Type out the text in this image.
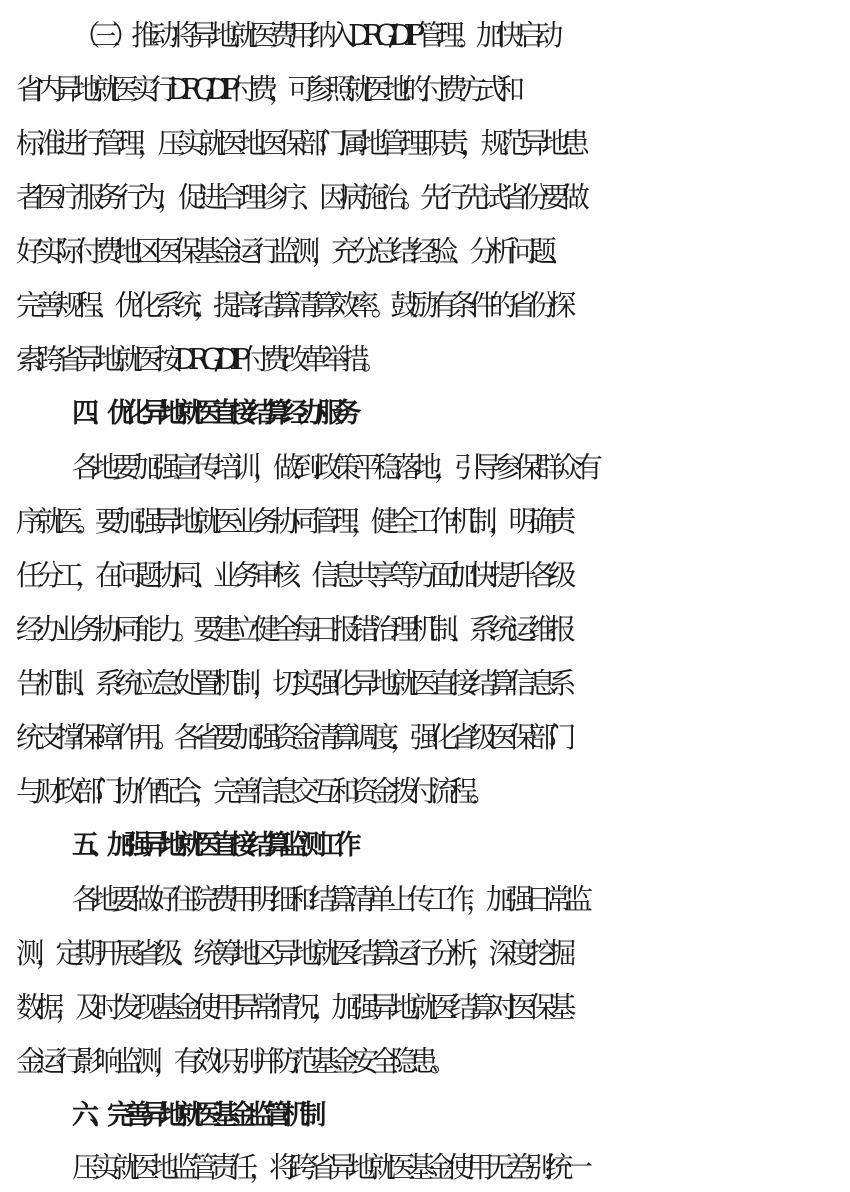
（三）推动将异地就医费用纳入 DRG/DIP 管理。加快启动
省内异地就医实行 DRG/DIP 付费，可参照就医地的付费方式和
标准进行管理，压实就医地医保部门属地管理职责，规范异地患
者医疗服务行为，促进合理诊疗、因病施治。先行先试省份要做
好实际付费地区医保基金运行监测，充分总结经验、分析问题、
完善规程、优化系统，提高结算清算效率。鼓励有条件的省份探
索跨省异地就医按 DRG/DIP 付费改革举措。
四、优化异地就医直接结算经办服务
各地要加强宣传培训，做到政策平稳落地，引导参保群众有
序就医。要加强异地就医业务协同管理，健全工作机制，明确责
任分工，在问题协同、业务审核、信息共享等方面加快提升各级
经办业务协同能力。要建立健全每日报错治理机制、系统运维报
告机制、系统应急处置机制，切实强化异地就医直接结算信息系
统支撑保障作用。各省要加强资金清算调度，强化省级医保部门
与财政部门协作配合，完善信息交互和资金拨付流程。
五、加强异地就医直接结算监测工作
各地要做好住院费用明细和结算清单上传工作，加强日常监
测，定期开展省级、统筹地区异地就医结算运行分析，深度挖掘
数据，及时发现基金使用异常情况，加强异地就医结算对医保基
金运行影响监测，有效识别并防范基金安全隐患。
六、完善异地就医基金监管机制
压实就医地监管责任，将跨省异地就医基金使用无差别统一
